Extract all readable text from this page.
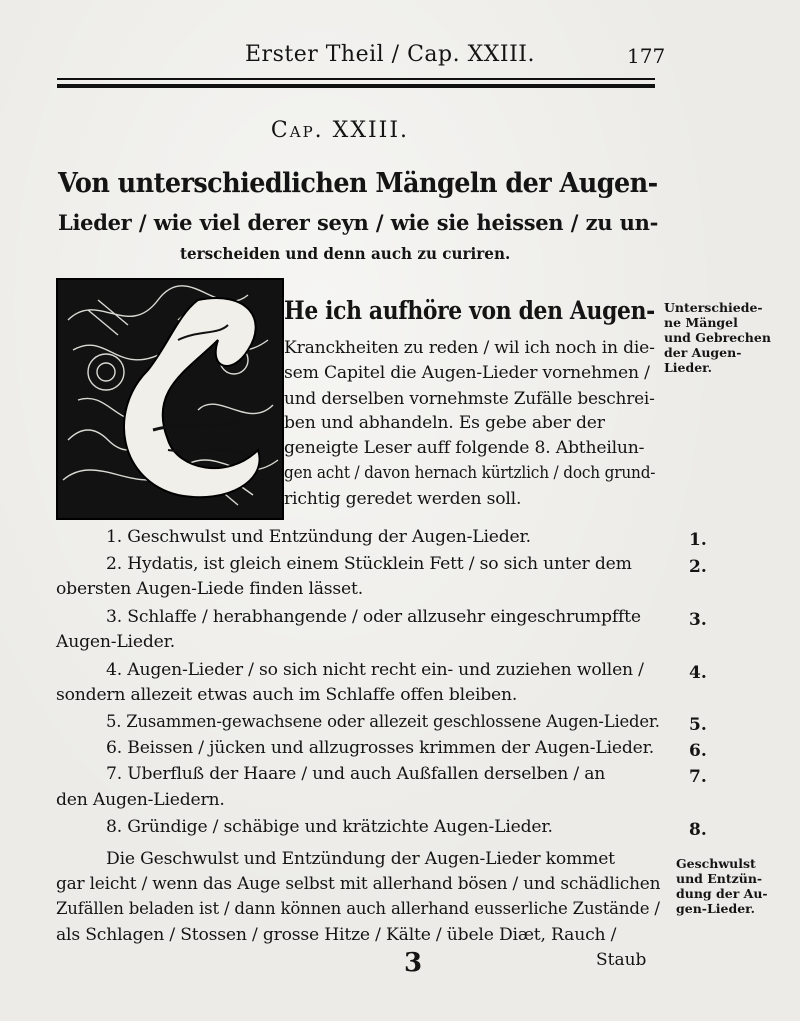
Erster Theil / Cap. XXIII.	177
Cap. XXIII.
Von unterschiedlichen Mängeln der Augen-
Lieder / wie viel derer seyn / wie sie heissen / zu un-
terscheiden und denn auch zu curiren.
He ich aufhöre von den Augen-
Kranckheiten zu reden / wil ich noch in die-
sem Capitel die Augen-Lieder vornehmen /
und derselben vornehmste Zufälle beschrei-
ben und abhandeln. Es gebe aber der
geneigte Leser auff folgende 8. Abtheilun-
gen acht / davon hernach kürtzlich / doch grund-
richtig geredet werden soll.
Unterschiede-
ne Mängel
und Gebrechen
der Augen-
Lieder.
1. Geschwulst und Entzündung der Augen-Lieder.	1.
2. Hydatis, ist gleich einem Stücklein Fett / so sich unter dem
obersten Augen-Liede finden lässet.
2.
3. Schlaffe / herabhangende / oder allzusehr eingeschrumpffte
Augen-Lieder.
3.
4. Augen-Lieder / so sich nicht recht ein- und zuziehen wollen /
sondern allezeit etwas auch im Schlaffe offen bleiben.
4.
5. Zusammen-gewachsene oder allezeit geschlossene Augen-Lieder. 5.
6. Beissen / jücken und allzugrosses krimmen der Augen-Lieder. 6.
7. Uberfluß der Haare / und auch Außfallen derselben / an
den Augen-Liedern.
7.
8. Gründige / schäbige und krätzichte Augen-Lieder.	8.
Die Geschwulst und Entzündung der Augen-Lieder kommet
gar leicht / wenn das Auge selbst mit allerhand bösen / und schädlichen
Zufällen beladen ist / dann können auch allerhand eusserliche Zustände /
als Schlagen / Stossen / grosse Hitze / Kälte / übele Diæt, Rauch /
Geschwulst
und Entzün-
dung der Au-
gen-Lieder.
3	Staub
